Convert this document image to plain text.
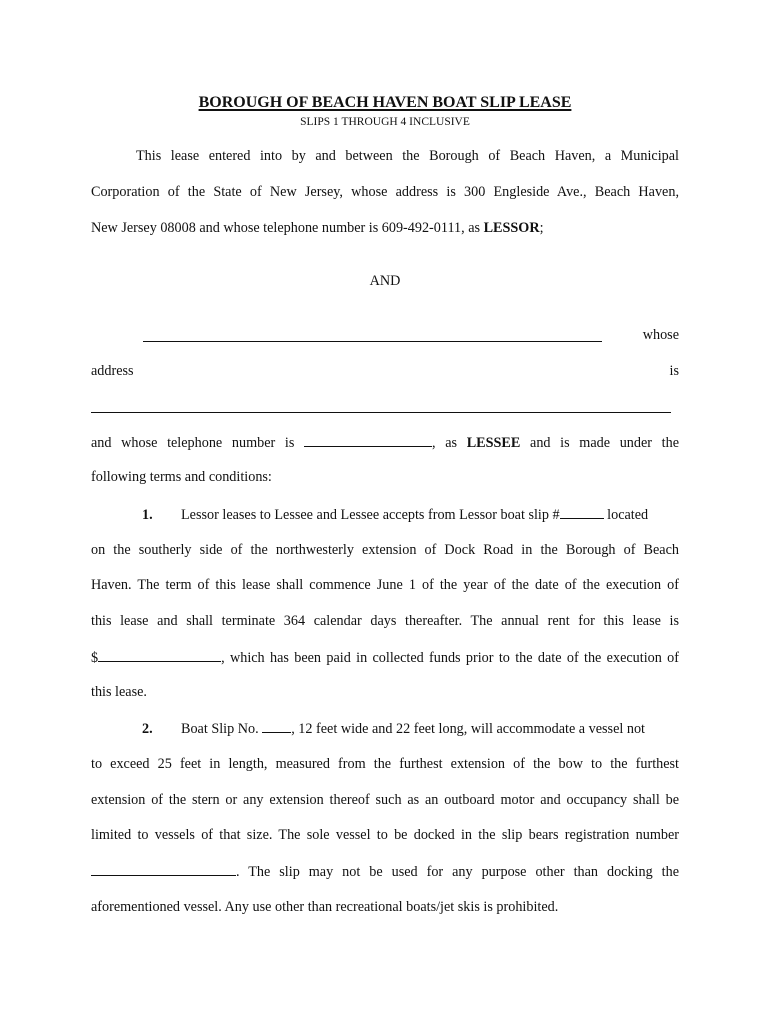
BOROUGH OF BEACH HAVEN BOAT SLIP LEASE
SLIPS 1 THROUGH 4 INCLUSIVE
This lease entered into by and between the Borough of Beach Haven, a Municipal
Corporation of the State of New Jersey, whose address is 300 Engleside Ave., Beach Haven,
New Jersey 08008 and whose telephone number is 609-492-0111, as LESSOR;
AND
whose
address	is
and whose telephone number is	, as LESSEE and is made under the
following terms and conditions:
1. Lessor leases to Lessee and Lessee accepts from Lessor boat slip #	located
on the southerly side of the northwesterly extension of Dock Road in the Borough of Beach
Haven. The term of this lease shall commence June 1 of the year of the date of the execution of
this lease and shall terminate 364 calendar days thereafter. The annual rent for this lease is
$	, which has been paid in collected funds prior to the date of the execution of
this lease.
2. Boat Slip No. , 12 feet wide and 22 feet long, will accommodate a vessel not
to exceed 25 feet in length, measured from the furthest extension of the bow to the furthest
extension of the stern or any extension thereof such as an outboard motor and occupancy shall be
limited to vessels of that size. The sole vessel to be docked in the slip bears registration number
. The slip may not be used for any purpose other than docking the
aforementioned vessel. Any use other than recreational boats/jet skis is prohibited.
